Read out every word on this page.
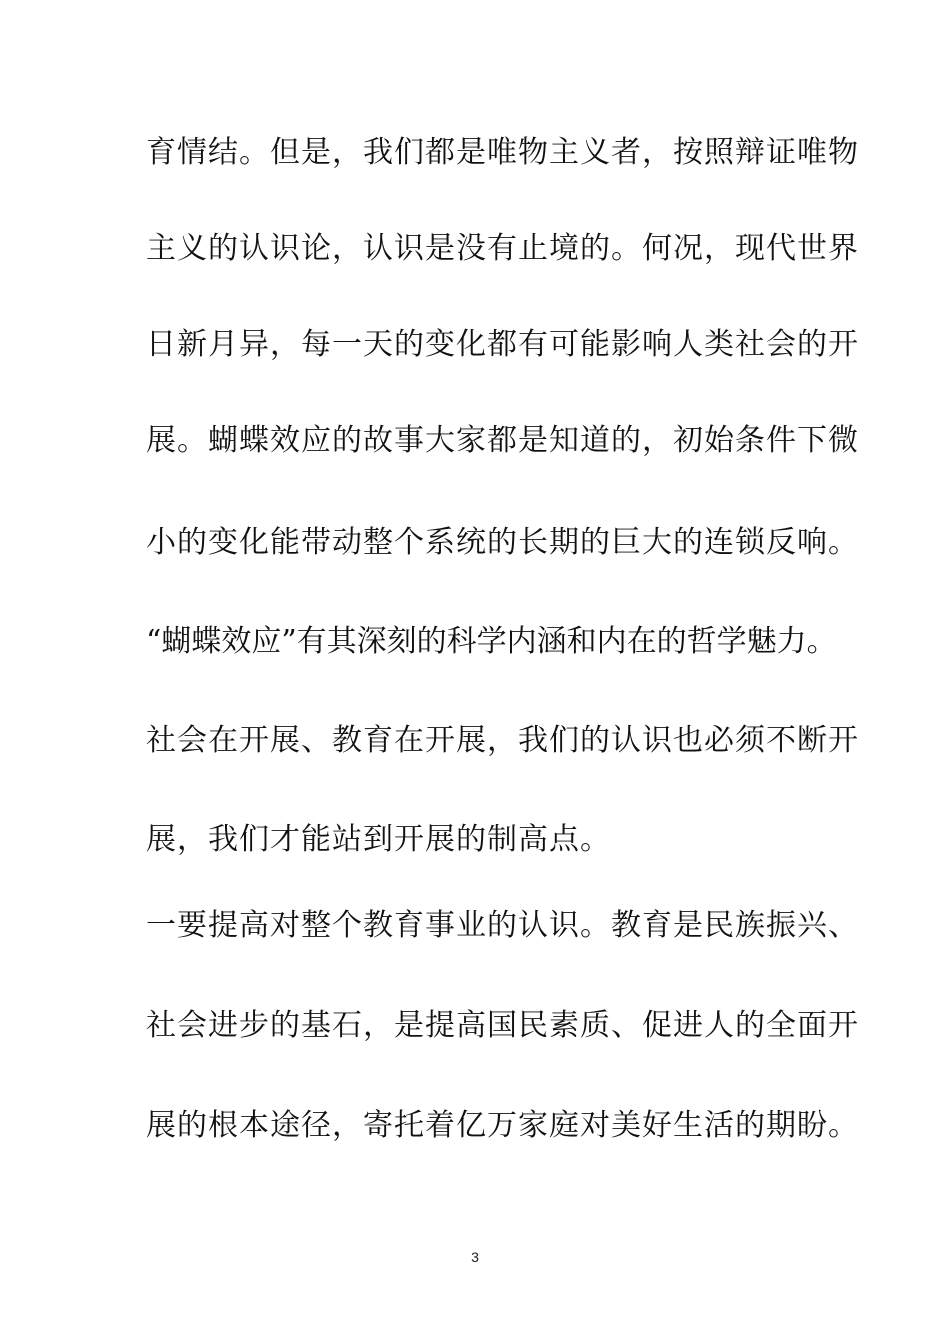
育情结。但是，我们都是唯物主义者，按照辩证唯物
主义的认识论，认识是没有止境的。何况，现代世界
日新月异，每一天的变化都有可能影响人类社会的开
展。蝴蝶效应的故事大家都是知道的，初始条件下微
小的变化能带动整个系统的长期的巨大的连锁反响。
“蝴蝶效应”有其深刻的科学内涵和内在的哲学魅力。
社会在开展、教育在开展，我们的认识也必须不断开
展，我们才能站到开展的制高点。
一要提高对整个教育事业的认识。教育是民族振兴、
社会进步的基石，是提高国民素质、促进人的全面开
展的根本途径，寄托着亿万家庭对美好生活的期盼。
3
